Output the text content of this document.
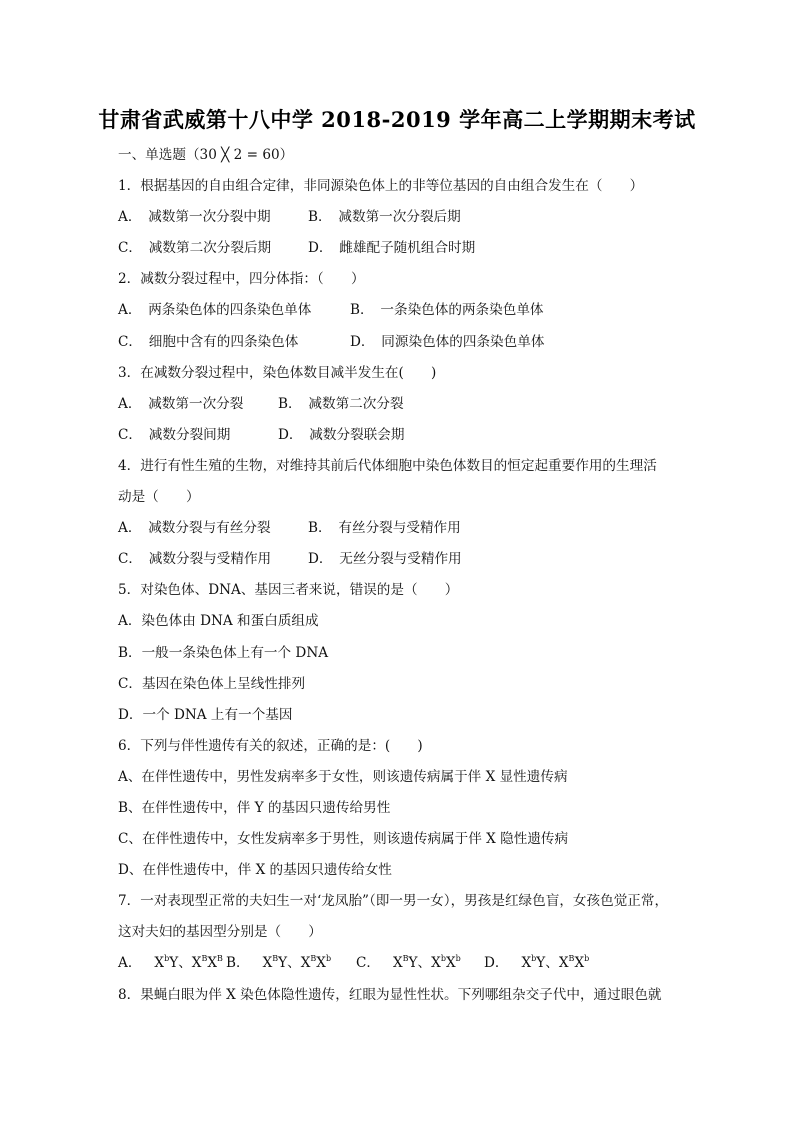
甘肃省武威第十八中学 2018-2019 学年高二上学期期末考试
一、单选题（30 ╳ 2 = 60）
1．根据基因的自由组合定律，非同源染色体上的非等位基因的自由组合发生在（　　）
A．　减数第一次分裂中期	B．　减数第一次分裂后期
C．　减数第二次分裂后期	D．　雌雄配子随机组合时期
2．减数分裂过程中，四分体指：（　　）
A．　两条染色体的四条染色单体	B．　一条染色体的两条染色单体
C．　细胞中含有的四条染色体	D．　同源染色体的四条染色单体
3．在减数分裂过程中，染色体数目减半发生在(　　)
A．　减数第一次分裂	B．　减数第二次分裂
C．　减数分裂间期	D．　减数分裂联会期
4．进行有性生殖的生物，对维持其前后代体细胞中染色体数目的恒定起重要作用的生理活
动是（　　）
A．　减数分裂与有丝分裂	B．　有丝分裂与受精作用
C．　减数分裂与受精作用	D．　无丝分裂与受精作用
5．对染色体、DNA、基因三者来说，错误的是（　　）
A．染色体由 DNA 和蛋白质组成
B．一般一条染色体上有一个 DNA
C．基因在染色体上呈线性排列
D．一个 DNA 上有一个基因
6．下列与伴性遗传有关的叙述，正确的是：(　　)
A、在伴性遗传中，男性发病率多于女性，则该遗传病属于伴 X 显性遗传病
B、在伴性遗传中，伴 Y 的基因只遗传给男性
C、在伴性遗传中，女性发病率多于男性，则该遗传病属于伴 X 隐性遗传病
D、在伴性遗传中，伴 X 的基因只遗传给女性
7．一对表现型正常的夫妇生一对‘龙凤胎”（即一男一女），男孩是红绿色盲，女孩色觉正常，
这对夫妇的基因型分别是（　　）
A． $X^bY$、$X^BX^B$ B． $X^BY$、$X^BX^b$ C． $X^BY$、$X^bX^b$ D． $X^bY$、$X^BX^b$
8．果蝇白眼为伴 X 染色体隐性遗传，红眼为显性性状。下列哪组杂交子代中，通过眼色就
